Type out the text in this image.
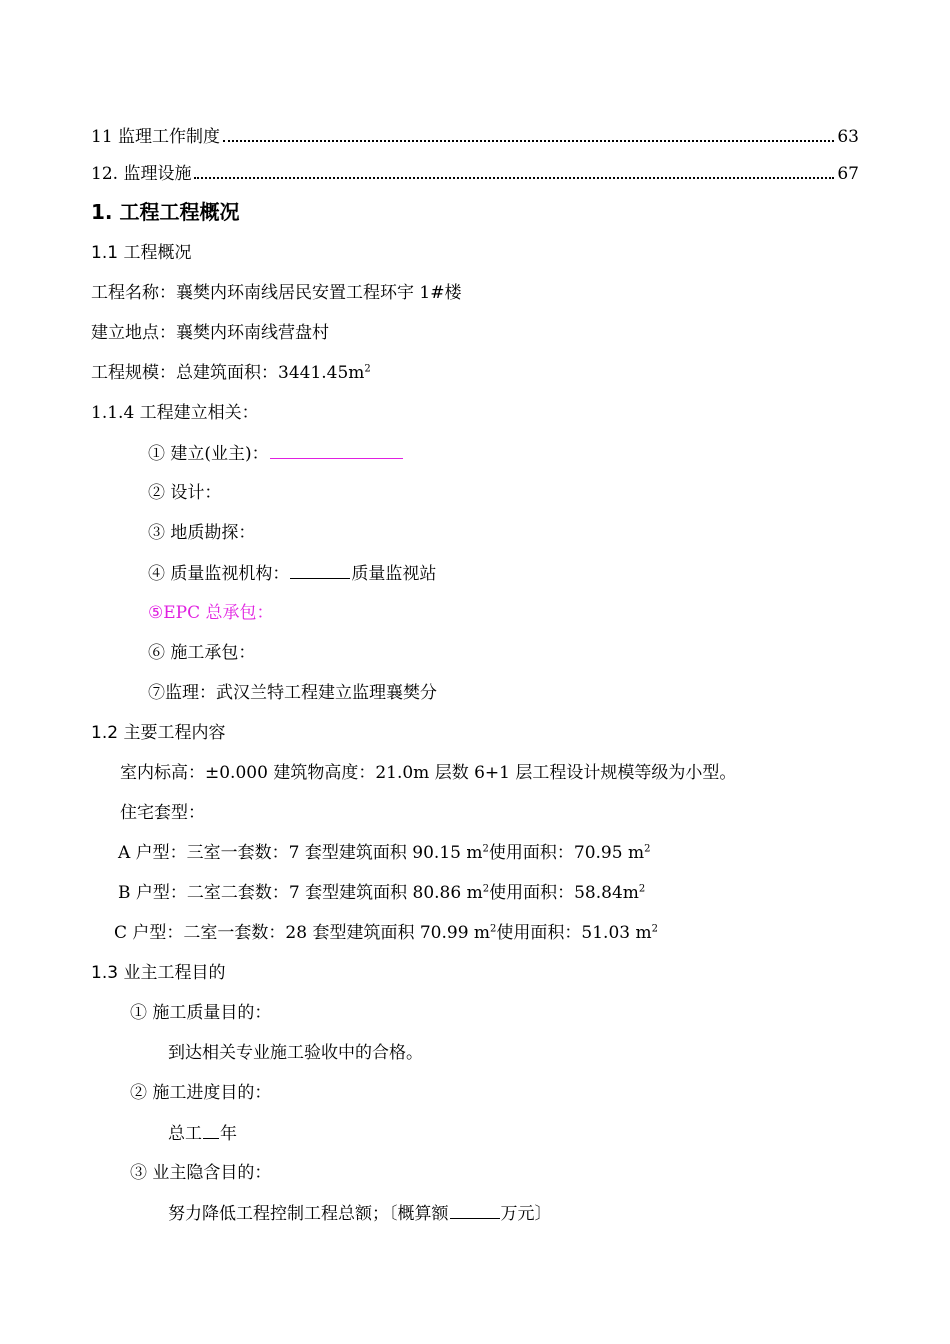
11 监理工作制度	63
12. 监理设施	67
1. 工程工程概况
1.1 工程概况
工程名称：襄樊内环南线居民安置工程环宇 1#楼
建立地点：襄樊内环南线营盘村
工程规模：总建筑面积：$3441.45m^2$
1.1.4 工程建立相关：
① 建立(业主)：
② 设计：
③ 地质勘探：
④ 质量监视机构：	质量监视站
⑤EPC 总承包：
⑥ 施工承包：
⑦监理：武汉兰特工程建立监理襄樊分
1.2 主要工程内容
室内标高：±0.000 建筑物高度：21.0m 层数 6+1 层工程设计规模等级为小型。
住宅套型：
A 户型：三室一套数：7 套型建筑面积 90.15 $m^2$使用面积：70.95 $m^2$
B 户型：二室二套数：7 套型建筑面积 80.86 $m^2$使用面积：$58.84m^2$
C 户型：二室一套数：28 套型建筑面积 70.99 $m^2$使用面积：51.03 $m^2$
1.3 业主工程目的
① 施工质量目的：
到达相关专业施工验收中的合格。
② 施工进度目的：
总工 年
③ 业主隐含目的：
努力降低工程控制工程总额；〔概算额	万元〕
